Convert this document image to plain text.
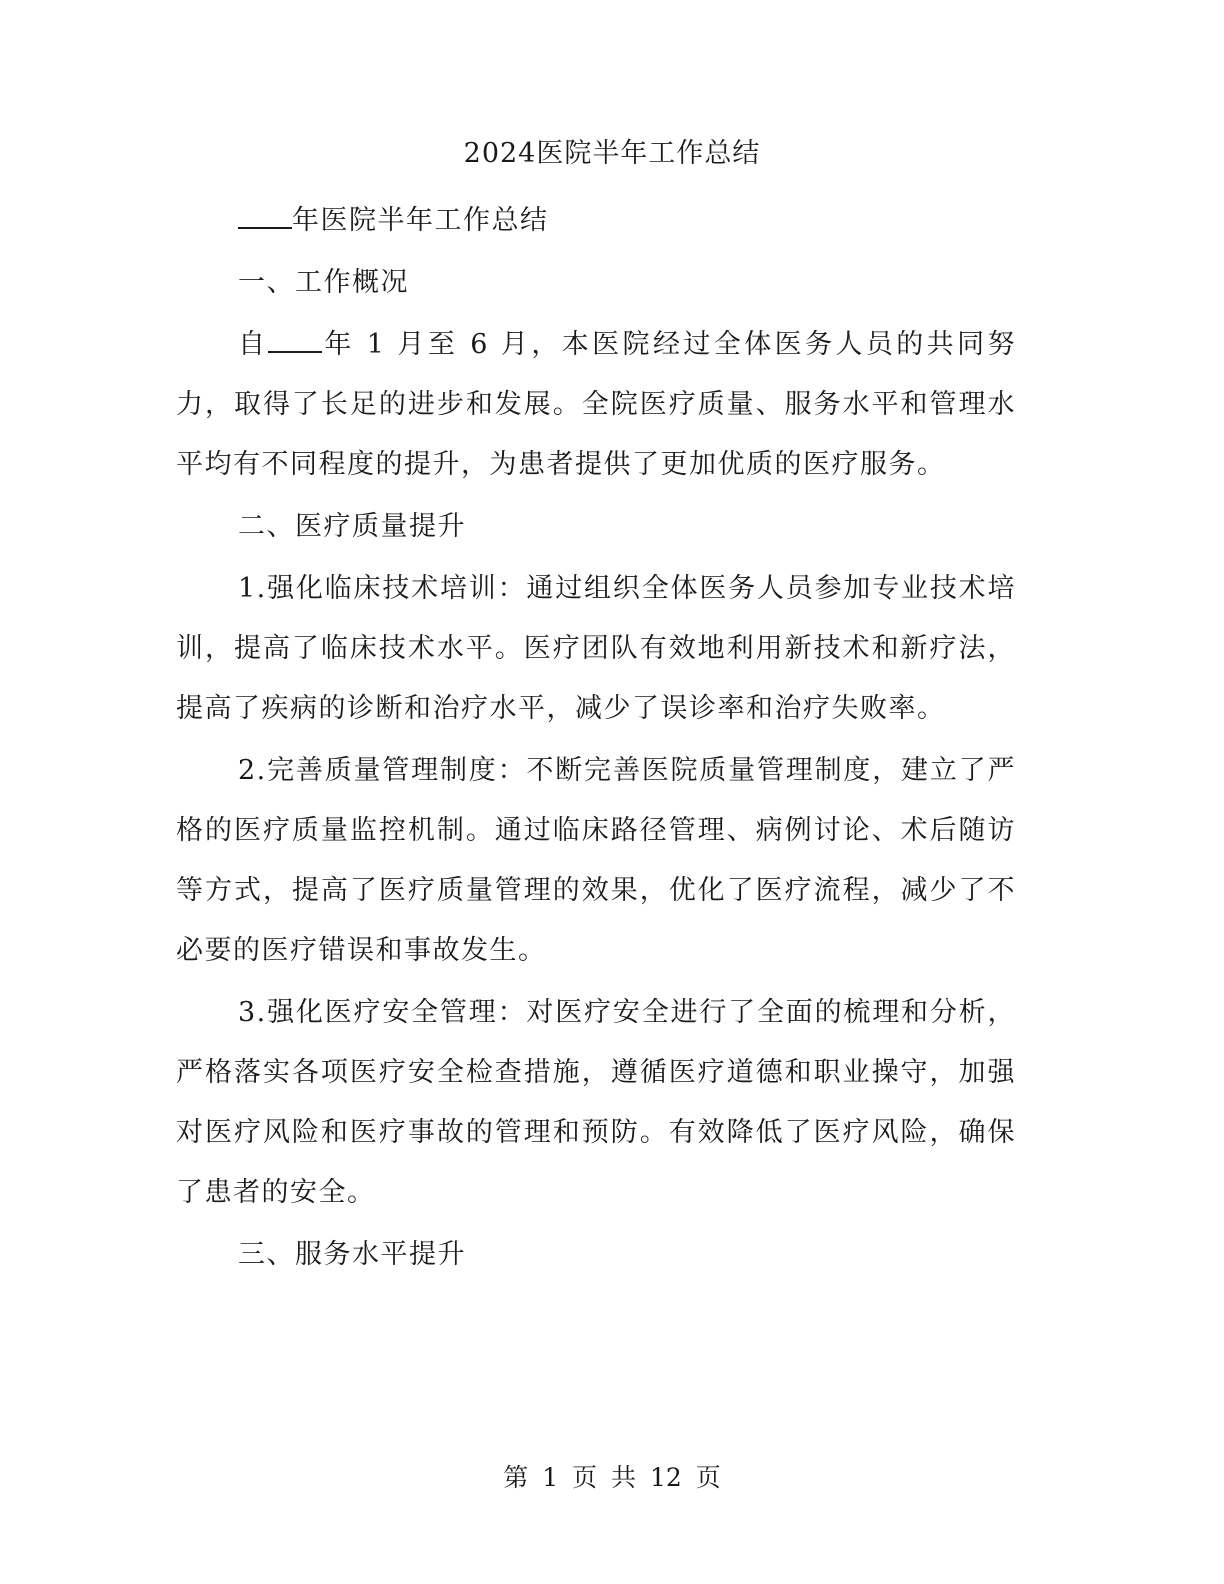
2024医院半年工作总结

年医院半年工作总结

一、工作概况

自 年 1 月至 6 月，本医院经过全体医务人员的共同努力，取得了长足的进步和发展。全院医疗质量、服务水平和管理水平均有不同程度的提升，为患者提供了更加优质的医疗服务。

二、医疗质量提升

1.强化临床技术培训：通过组织全体医务人员参加专业技术培训，提高了临床技术水平。医疗团队有效地利用新技术和新疗法，提高了疾病的诊断和治疗水平，减少了误诊率和治疗失败率。

2.完善质量管理制度：不断完善医院质量管理制度，建立了严格的医疗质量监控机制。通过临床路径管理、病例讨论、术后随访等方式，提高了医疗质量管理的效果，优化了医疗流程，减少了不必要的医疗错误和事故发生。

3.强化医疗安全管理：对医疗安全进行了全面的梳理和分析，严格落实各项医疗安全检查措施，遵循医疗道德和职业操守，加强对医疗风险和医疗事故的管理和预防。有效降低了医疗风险，确保了患者的安全。

三、服务水平提升

第 1 页 共 12 页
